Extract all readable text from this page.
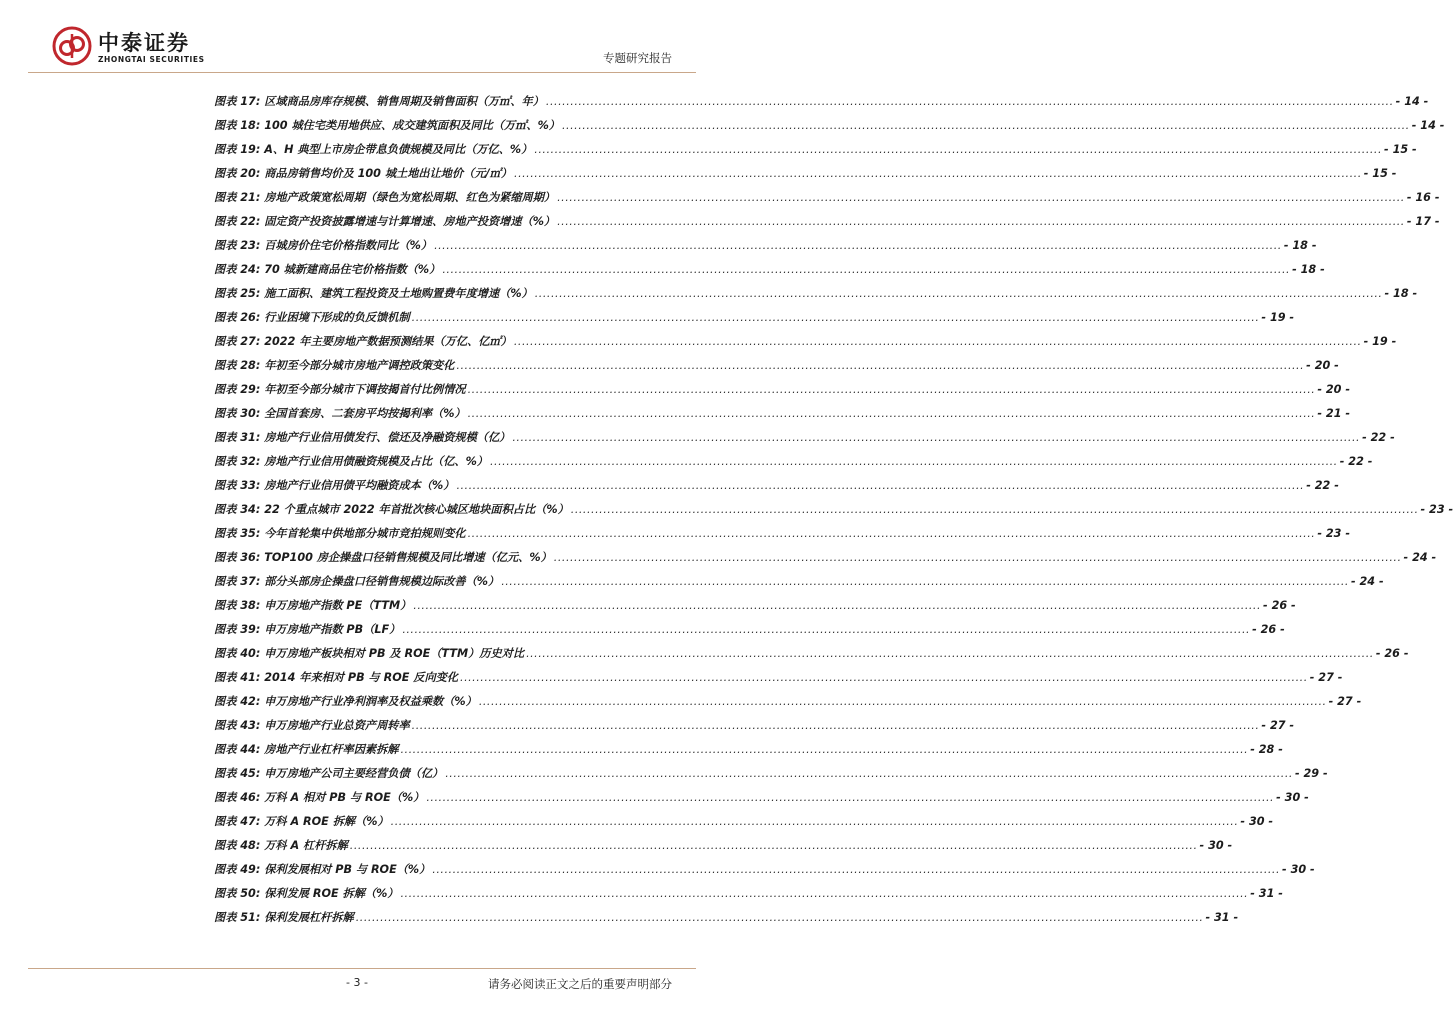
中泰证券
ZHONGTAI SECURITIES	专题研究报告
图表 17:
区域商品房库存规模、销售周期及销售面积（万㎡、年） .....	- 14 -
图表 18:
100 城住宅类用地供应、成交建筑面积及同比（万㎡、%） .....	- 14 -
图表 19:
A、H 典型上市房企带息负债规模及同比（万亿、%） .....	- 15 -
图表 20:
商品房销售均价及 100 城土地出让地价（元/㎡） .....	- 15 -
图表 21:
房地产政策宽松周期（绿色为宽松周期、红色为紧缩周期） .....	- 16 -
图表 22:
固定资产投资披露增速与计算增速、房地产投资增速（%） .....	- 17 -
图表 23:
百城房价住宅价格指数同比（%） .....	- 18 -
图表 24:
70 城新建商品住宅价格指数（%） .....	- 18 -
图表 25:
施工面积、建筑工程投资及土地购置费年度增速（%） .....	- 18 -
图表 26:
行业困境下形成的负反馈机制 .....	- 19 -
图表 27:
2022 年主要房地产数据预测结果（万亿、亿㎡） .....	- 19 -
图表 28:
年初至今部分城市房地产调控政策变化 .....	- 20 -
图表 29:
年初至今部分城市下调按揭首付比例情况 .....	- 20 -
图表 30:
全国首套房、二套房平均按揭利率（%） .....	- 21 -
图表 31:
房地产行业信用债发行、偿还及净融资规模（亿） .....	- 22 -
图表 32:
房地产行业信用债融资规模及占比（亿、%） .....	- 22 -
图表 33:
房地产行业信用债平均融资成本（%） .....	- 22 -
图表 34:
22 个重点城市 2022 年首批次核心城区地块面积占比（%） .....	- 23 -
图表 35:
今年首轮集中供地部分城市竞拍规则变化 .....	- 23 -
图表 36:
TOP100 房企操盘口径销售规模及同比增速（亿元、%） .....	- 24 -
图表 37:
部分头部房企操盘口径销售规模边际改善（%） .....	- 24 -
图表 38:
申万房地产指数 PE（TTM） .....	- 26 -
图表 39:
申万房地产指数 PB（LF） .....	- 26 -
图表 40:
申万房地产板块相对 PB 及 ROE（TTM）历史对比 .....	- 26 -
图表 41:
2014 年来相对 PB 与 ROE 反向变化 .....	- 27 -
图表 42:
申万房地产行业净利润率及权益乘数（%） .....	- 27 -
图表 43:
申万房地产行业总资产周转率 .....	- 27 -
图表 44:
房地产行业杠杆率因素拆解 .....	- 28 -
图表 45:
申万房地产公司主要经营负债（亿） .....	- 29 -
图表 46:
万科 A 相对 PB 与 ROE（%） .....	- 30 -
图表 47:
万科 A ROE 拆解（%） .....	- 30 -
图表 48:
万科 A 杠杆拆解 .....	- 30 -
图表 49:
保利发展相对 PB 与 ROE（%） .....	- 30 -
图表 50:
保利发展 ROE 拆解（%） .....	- 31 -
图表 51:
保利发展杠杆拆解 .....	- 31 -
- 3 -	请务必阅读正文之后的重要声明部分
